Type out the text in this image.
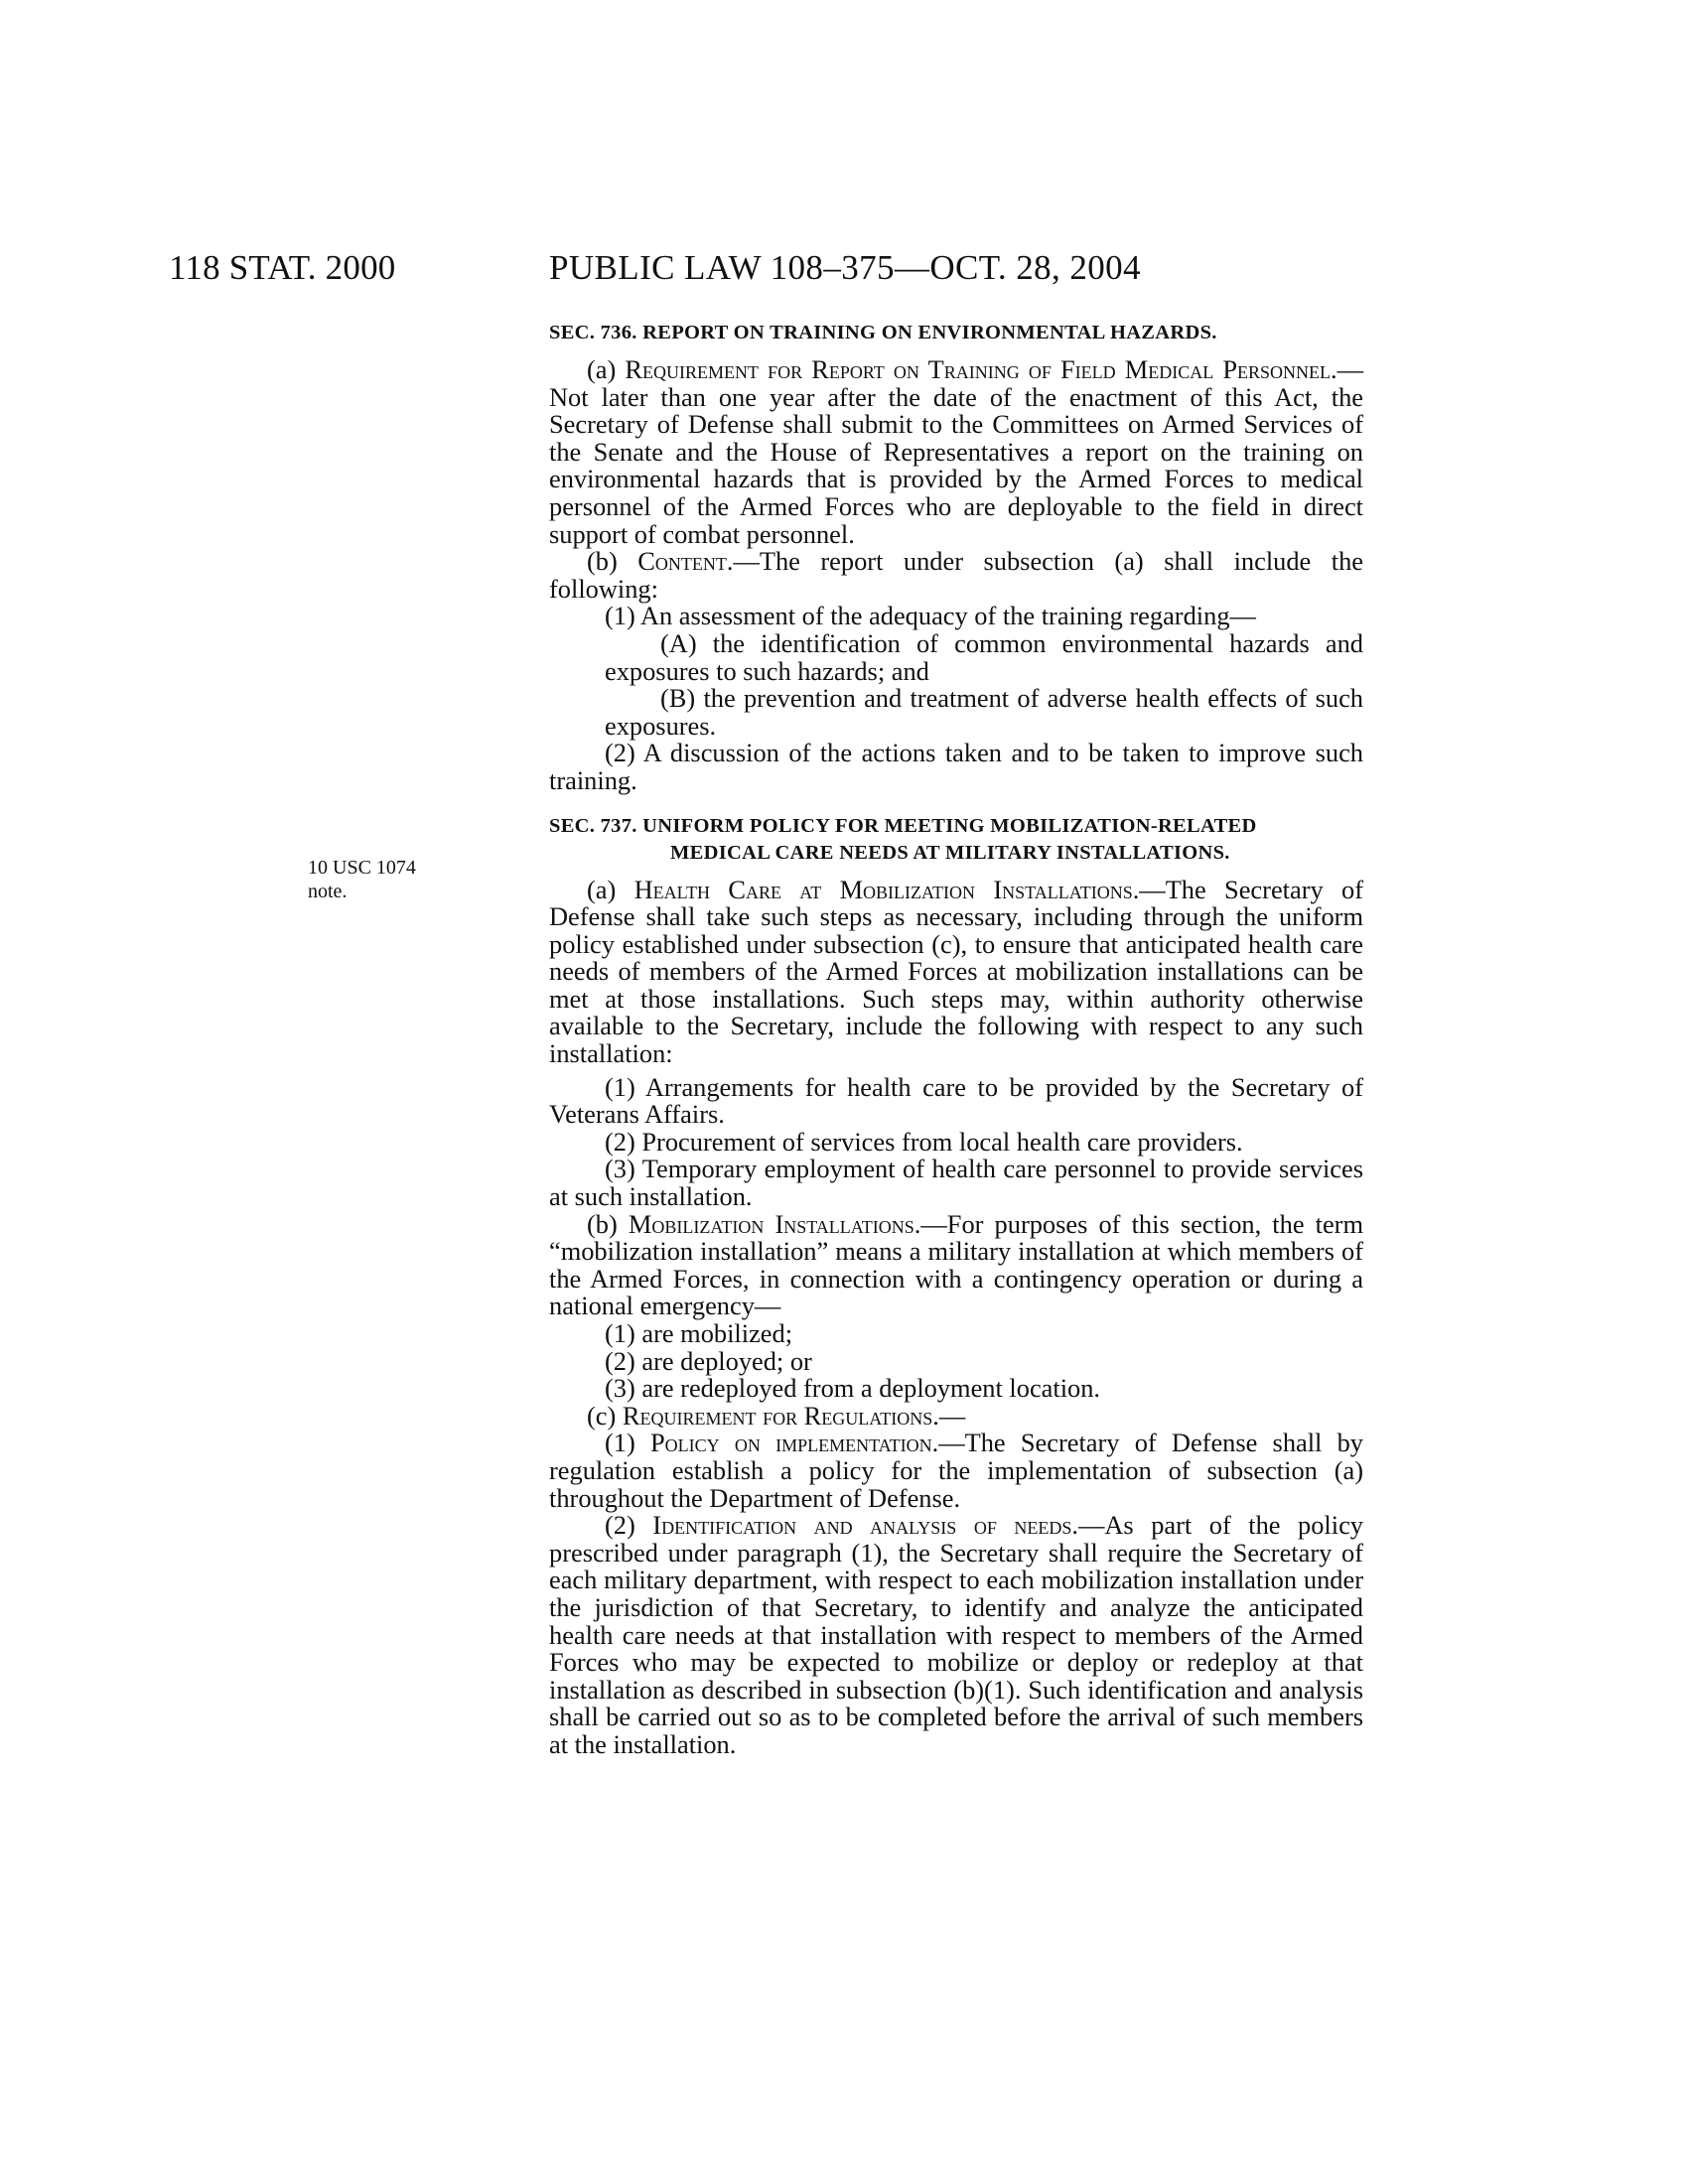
118 STAT. 2000	PUBLIC LAW 108–375—OCT. 28, 2004
10 USC 1074
note.
SEC. 736. REPORT ON TRAINING ON ENVIRONMENTAL HAZARDS.

(a) Requirement for Report on Training of Field Medical Personnel.—Not later than one year after the date of the enactment of this Act, the Secretary of Defense shall submit to the Committees on Armed Services of the Senate and the House of Representatives a report on the training on environmental hazards that is provided by the Armed Forces to medical personnel of the Armed Forces who are deployable to the field in direct support of combat personnel.

(b) Content.—The report under subsection (a) shall include the following:

(1) An assessment of the adequacy of the training regarding—

(A) the identification of common environmental hazards and exposures to such hazards; and

(B) the prevention and treatment of adverse health effects of such exposures.

(2) A discussion of the actions taken and to be taken to improve such training.

SEC. 737. UNIFORM POLICY FOR MEETING MOBILIZATION-RELATED
MEDICAL CARE NEEDS AT MILITARY INSTALLATIONS.

(a) Health Care at Mobilization Installations.—The Secretary of Defense shall take such steps as necessary, including through the uniform policy established under subsection (c), to ensure that anticipated health care needs of members of the Armed Forces at mobilization installations can be met at those installations. Such steps may, within authority otherwise available to the Secretary, include the following with respect to any such installation:

(1) Arrangements for health care to be provided by the Secretary of Veterans Affairs.

(2) Procurement of services from local health care providers.

(3) Temporary employment of health care personnel to provide services at such installation.

(b) Mobilization Installations.—For purposes of this section, the term “mobilization installation” means a military installation at which members of the Armed Forces, in connection with a contingency operation or during a national emergency—

(1) are mobilized;

(2) are deployed; or

(3) are redeployed from a deployment location.

(c) Requirement for Regulations.—

(1) Policy on implementation.—The Secretary of Defense shall by regulation establish a policy for the implementation of subsection (a) throughout the Department of Defense.

(2) Identification and analysis of needs.—As part of the policy prescribed under paragraph (1), the Secretary shall require the Secretary of each military department, with respect to each mobilization installation under the jurisdiction of that Secretary, to identify and analyze the anticipated health care needs at that installation with respect to members of the Armed Forces who may be expected to mobilize or deploy or redeploy at that installation as described in subsection (b)(1). Such identification and analysis shall be carried out so as to be completed before the arrival of such members at the installation.
